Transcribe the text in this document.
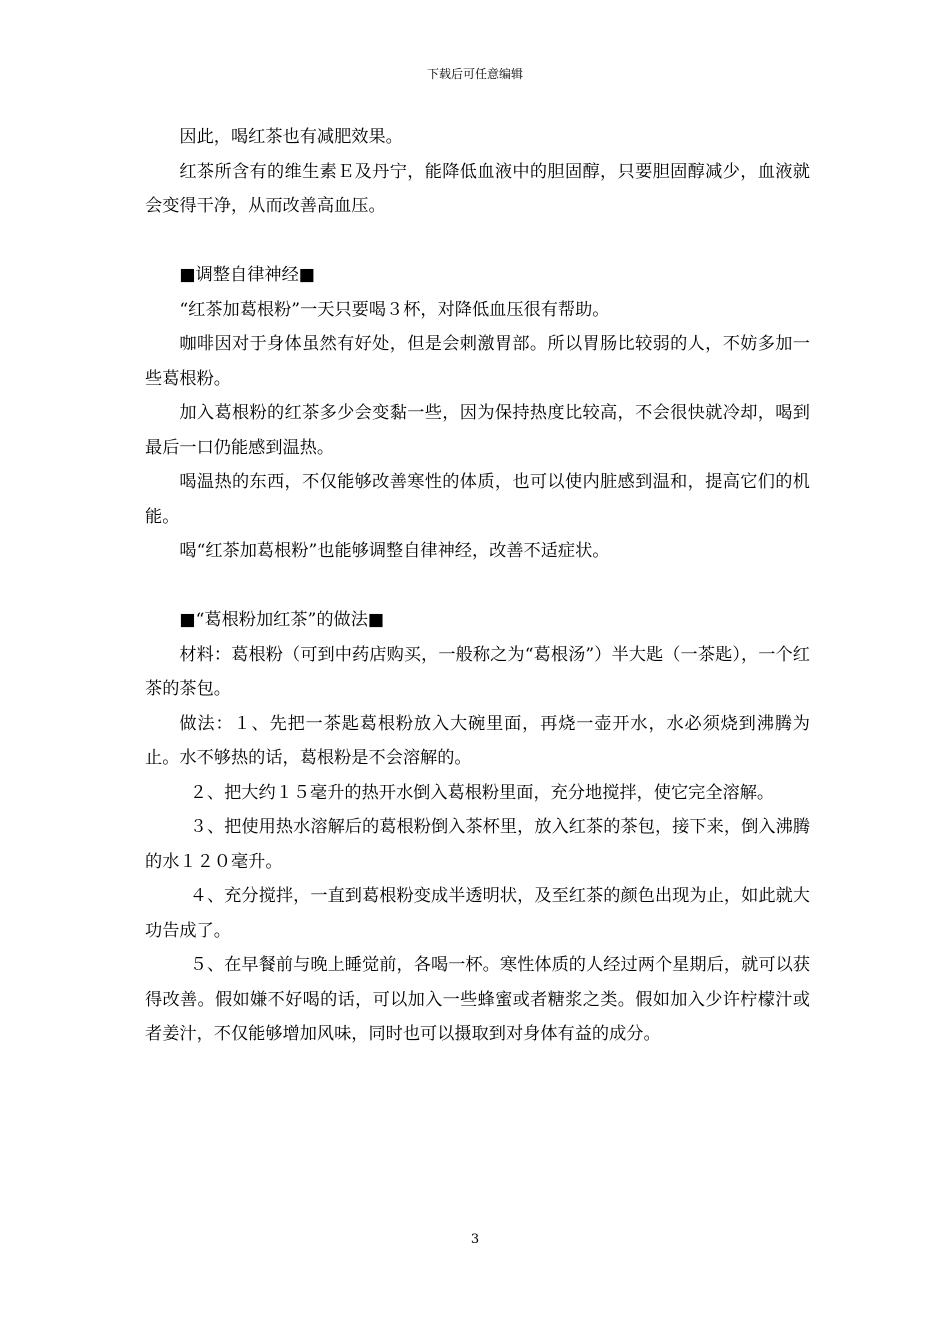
下载后可任意编辑

因此，喝红茶也有减肥效果。

红茶所含有的维生素Ｅ及丹宁，能降低血液中的胆固醇，只要胆固醇减少，血液就会变得干净，从而改善高血压。

■调整自律神经■

“红茶加葛根粉”一天只要喝３杯，对降低血压很有帮助。

咖啡因对于身体虽然有好处，但是会刺激胃部。所以胃肠比较弱的人，不妨多加一些葛根粉。

加入葛根粉的红茶多少会变黏一些，因为保持热度比较高，不会很快就冷却，喝到最后一口仍能感到温热。

喝温热的东西，不仅能够改善寒性的体质，也可以使内脏感到温和，提高它们的机能。

喝“红茶加葛根粉”也能够调整自律神经，改善不适症状。

■“葛根粉加红茶”的做法■

材料：葛根粉（可到中药店购买，一般称之为“葛根汤”）半大匙（一茶匙），一个红茶的茶包。

做法：１、先把一茶匙葛根粉放入大碗里面，再烧一壶开水，水必须烧到沸腾为止。水不够热的话，葛根粉是不会溶解的。

２、把大约１５毫升的热开水倒入葛根粉里面，充分地搅拌，使它完全溶解。

３、把使用热水溶解后的葛根粉倒入茶杯里，放入红茶的茶包，接下来，倒入沸腾的水１２０毫升。

４、充分搅拌，一直到葛根粉变成半透明状，及至红茶的颜色出现为止，如此就大功告成了。

５、在早餐前与晚上睡觉前，各喝一杯。寒性体质的人经过两个星期后，就可以获得改善。假如嫌不好喝的话，可以加入一些蜂蜜或者糖浆之类。假如加入少许柠檬汁或者姜汁，不仅能够增加风味，同时也可以摄取到对身体有益的成分。

3
